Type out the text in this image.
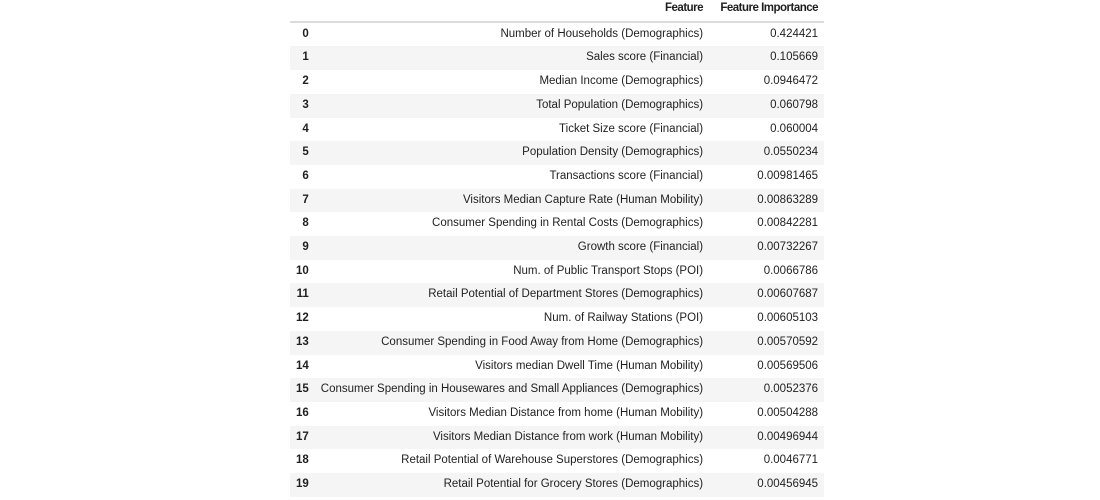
	Feature	Feature Importance
0	Number of Households (Demographics)	0.424421
1	Sales score (Financial)	0.105669
2	Median Income (Demographics)	0.0946472
3	Total Population (Demographics)	0.060798
4	Ticket Size score (Financial)	0.060004
5	Population Density (Demographics)	0.0550234
6	Transactions score (Financial)	0.00981465
7	Visitors Median Capture Rate (Human Mobility)	0.00863289
8	Consumer Spending in Rental Costs (Demographics)	0.00842281
9	Growth score (Financial)	0.00732267
10	Num. of Public Transport Stops (POI)	0.0066786
11	Retail Potential of Department Stores (Demographics)	0.00607687
12	Num. of Railway Stations (POI)	0.00605103
13	Consumer Spending in Food Away from Home (Demographics)	0.00570592
14	Visitors median Dwell Time (Human Mobility)	0.00569506
15	Consumer Spending in Housewares and Small Appliances (Demographics)	0.0052376
16	Visitors Median Distance from home (Human Mobility)	0.00504288
17	Visitors Median Distance from work (Human Mobility)	0.00496944
18	Retail Potential of Warehouse Superstores (Demographics)	0.0046771
19	Retail Potential for Grocery Stores (Demographics)	0.00456945
